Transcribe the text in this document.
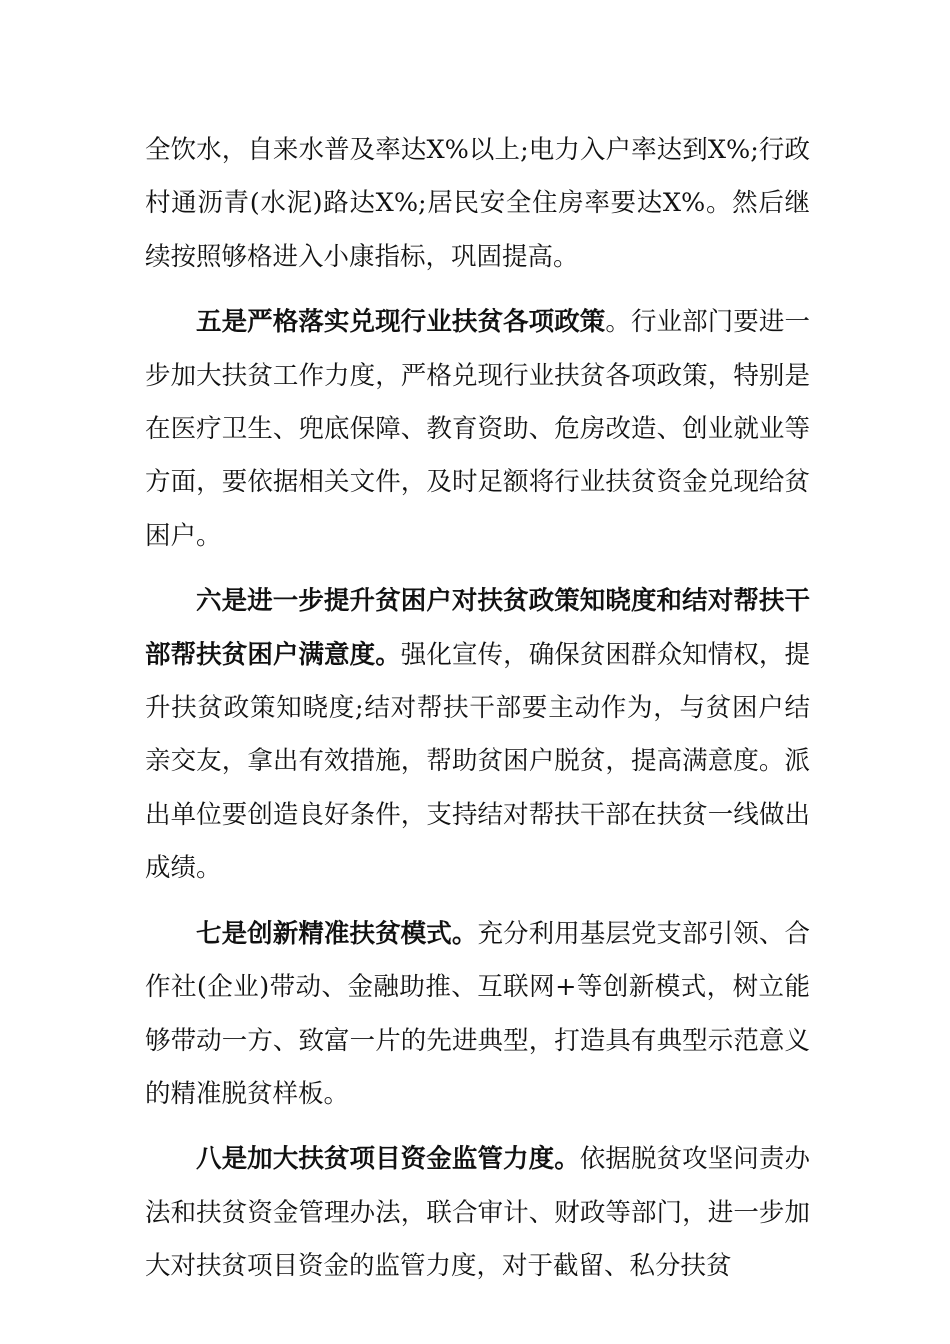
全饮水，自来水普及率达X%以上;电力入户率达到X%;行政村通沥青(水泥)路达X%;居民安全住房率要达X%。然后继续按照够格进入小康指标，巩固提高。

五是严格落实兑现行业扶贫各项政策。行业部门要进一步加大扶贫工作力度，严格兑现行业扶贫各项政策，特别是在医疗卫生、兜底保障、教育资助、危房改造、创业就业等方面，要依据相关文件，及时足额将行业扶贫资金兑现给贫困户。

六是进一步提升贫困户对扶贫政策知晓度和结对帮扶干部帮扶贫困户满意度。强化宣传，确保贫困群众知情权，提升扶贫政策知晓度;结对帮扶干部要主动作为，与贫困户结亲交友，拿出有效措施，帮助贫困户脱贫，提高满意度。派出单位要创造良好条件，支持结对帮扶干部在扶贫一线做出成绩。

七是创新精准扶贫模式。充分利用基层党支部引领、合作社(企业)带动、金融助推、互联网+等创新模式，树立能够带动一方、致富一片的先进典型，打造具有典型示范意义的精准脱贫样板。

八是加大扶贫项目资金监管力度。依据脱贫攻坚问责办法和扶贫资金管理办法，联合审计、财政等部门，进一步加大对扶贫项目资金的监管力度，对于截留、私分扶贫
